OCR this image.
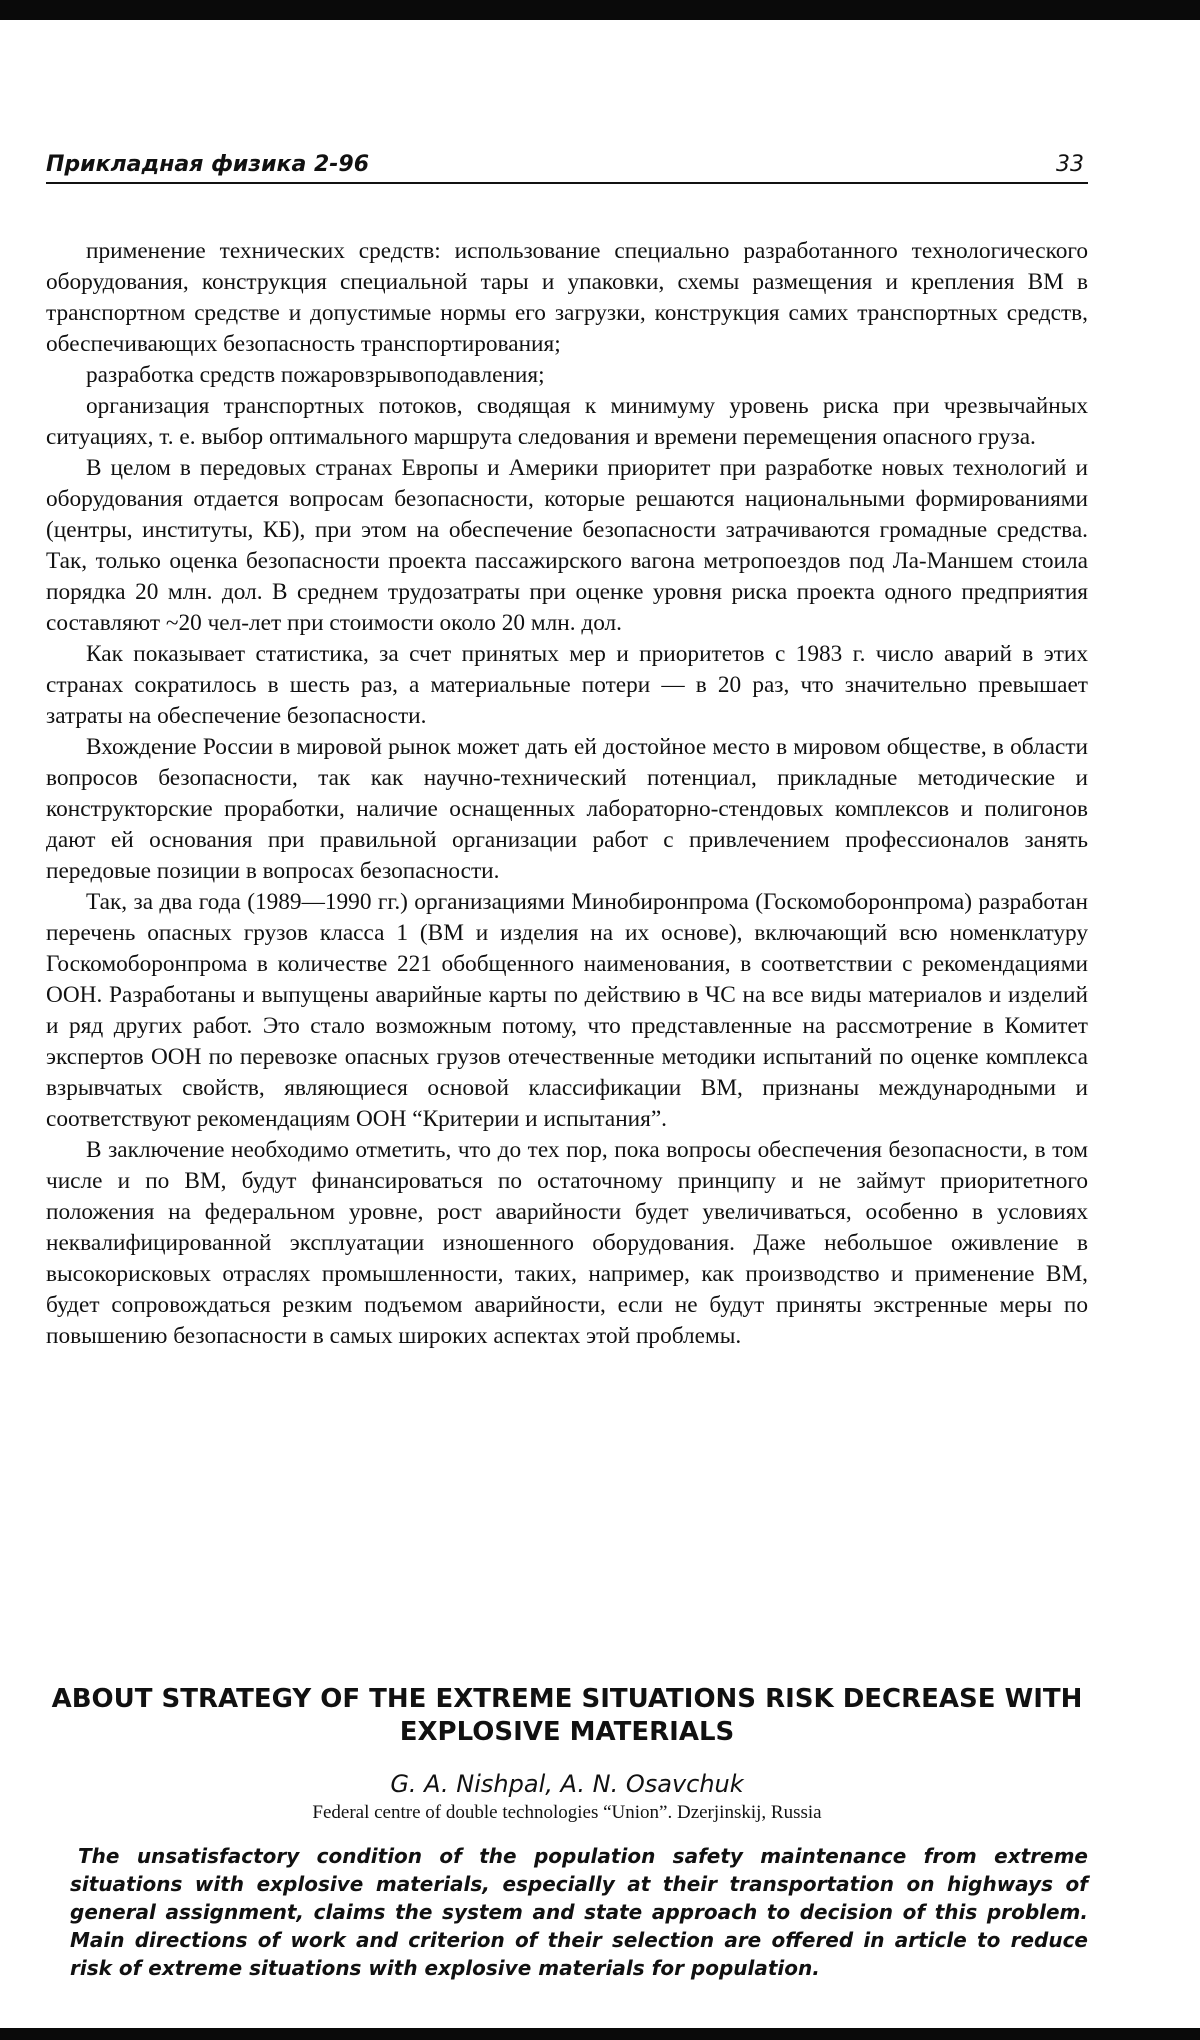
Прикладная физика 2-96	33

применение технических средств: использование специально разработанного технологического оборудования, конструкция специальной тары и упаковки, схемы размещения и крепления ВМ в транспортном средстве и допустимые нормы его загрузки, конструкция самих транспортных средств, обеспечивающих безопасность транспортирования;

разработка средств пожаровзрывоподавления;

организация транспортных потоков, сводящая к минимуму уровень риска при чрезвычайных ситуациях, т. е. выбор оптимального маршрута следования и времени перемещения опасного груза.

В целом в передовых странах Европы и Америки приоритет при разработке новых технологий и оборудования отдается вопросам безопасности, которые решаются национальными формированиями (центры, институты, КБ), при этом на обеспечение безопасности затрачиваются громадные средства. Так, только оценка безопасности проекта пассажирского вагона метропоездов под Ла-Маншем стоила порядка 20 млн. дол. В среднем трудозатраты при оценке уровня риска проекта одного предприятия составляют ~20 чел-лет при стоимости около 20 млн. дол.

Как показывает статистика, за счет принятых мер и приоритетов с 1983 г. число аварий в этих странах сократилось в шесть раз, а материальные потери — в 20 раз, что значительно превышает затраты на обеспечение безопасности.

Вхождение России в мировой рынок может дать ей достойное место в мировом обществе, в области вопросов безопасности, так как научно-технический потенциал, прикладные методические и конструкторские проработки, наличие оснащенных лабораторно-стендовых комплексов и полигонов дают ей основания при правильной организации работ с привлечением профессионалов занять передовые позиции в вопросах безопасности.

Так, за два года (1989—1990 гг.) организациями Минобиронпрома (Госкомоборонпрома) разработан перечень опасных грузов класса 1 (ВМ и изделия на их основе), включающий всю номенклатуру Госкомоборонпрома в количестве 221 обобщенного наименования, в соответствии с рекомендациями ООН. Разработаны и выпущены аварийные карты по действию в ЧС на все виды материалов и изделий и ряд других работ. Это стало возможным потому, что представленные на рассмотрение в Комитет экспертов ООН по перевозке опасных грузов отечественные методики испытаний по оценке комплекса взрывчатых свойств, являющиеся основой классификации ВМ, признаны международными и соответствуют рекомендациям ООН “Критерии и испытания”.

В заключение необходимо отметить, что до тех пор, пока вопросы обеспечения безопасности, в том числе и по ВМ, будут финансироваться по остаточному принципу и не займут приоритетного положения на федеральном уровне, рост аварийности будет увеличиваться, особенно в условиях неквалифицированной эксплуатации изношенного оборудования. Даже небольшое оживление в высокорисковых отраслях промышленности, таких, например, как производство и применение ВМ, будет сопровождаться резким подъемом аварийности, если не будут приняты экстренные меры по повышению безопасности в самых широких аспектах этой проблемы.

ABOUT STRATEGY OF THE EXTREME SITUATIONS RISK DECREASE WITH EXPLOSIVE MATERIALS
G. A. Nishpal, A. N. Osavchuk
Federal centre of double technologies “Union”. Dzerjinskij, Russia
The unsatisfactory condition of the population safety maintenance from extreme situations with explosive materials, especially at their transportation on highways of general assignment, claims the system and state approach to decision of this problem. Main directions of work and criterion of their selection are offered in article to reduce risk of extreme situations with explosive materials for population.
